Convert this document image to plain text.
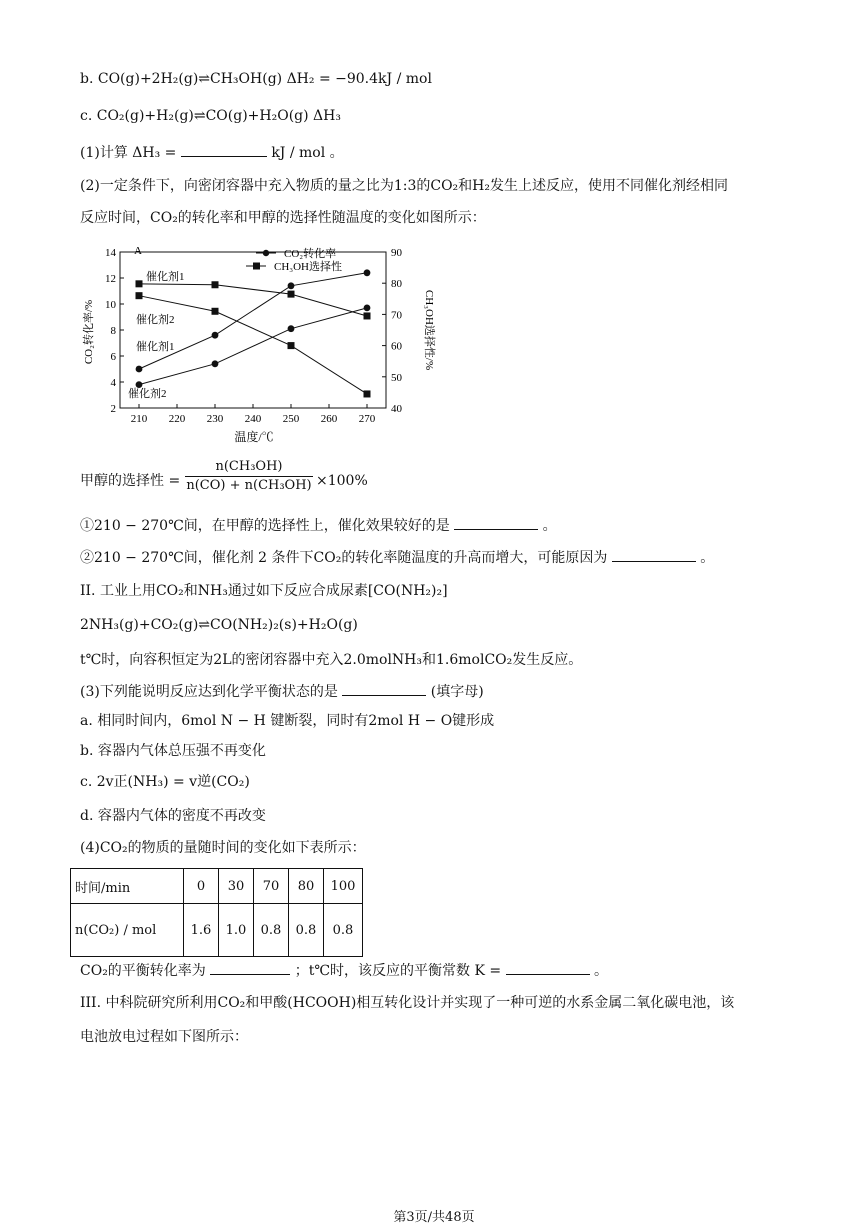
b. CO(g)+2H₂(g)⇌CH₃OH(g) ΔH₂ = −90.4kJ / mol
c. CO₂(g)+H₂(g)⇌CO(g)+H₂O(g) ΔH₃
(1)计算 ΔH₃ =	kJ / mol 。
(2)一定条件下，向密闭容器中充入物质的量之比为1:3的CO₂和H₂发生上述反应，使用不同催化剂经相同
反应时间，CO₂的转化率和甲醇的选择性随温度的变化如图所示：
210 220 230 240 250 260 270
2
4
6
8
10
12
14
40
50
60
70
80
90
A	CO₂转化率
CH₃OH选择性
CO₂转化率/%	CH₃OH选择性/%
温度/℃
催化剂1
催化剂2
催化剂1
催化剂2
甲醇的选择性 = $\frac{\text{n(CH₃OH)}}{\text{n(CO) + n(CH₃OH)}} \times 100\%$
①210 − 270℃间，在甲醇的选择性上，催化效果较好的是	。
②210 − 270℃间，催化剂 2 条件下CO₂的转化率随温度的升高而增大，可能原因为	。
II. 工业上用CO₂和NH₃通过如下反应合成尿素[CO(NH₂)₂]
2NH₃(g)+CO₂(g)⇌CO(NH₂)₂(s)+H₂O(g)
t℃时，向容积恒定为2L的密闭容器中充入2.0molNH₃和1.6molCO₂发生反应。
(3)下列能说明反应达到化学平衡状态的是	(填字母)
a. 相同时间内，6mol N − H 键断裂，同时有2mol H − O键形成
b. 容器内气体总压强不再变化
c. 2v正(NH₃) = v逆(CO₂)
d. 容器内气体的密度不再改变
(4)CO₂的物质的量随时间的变化如下表所示：
时间/min	0	30	70	80	100
n(CO₂) / mol	1.6	1.0	0.8	0.8	0.8
CO₂的平衡转化率为	；t℃时，该反应的平衡常数 K =	。
III. 中科院研究所利用CO₂和甲酸(HCOOH)相互转化设计并实现了一种可逆的水系金属二氧化碳电池，该
电池放电过程如下图所示：
第3页/共48页
